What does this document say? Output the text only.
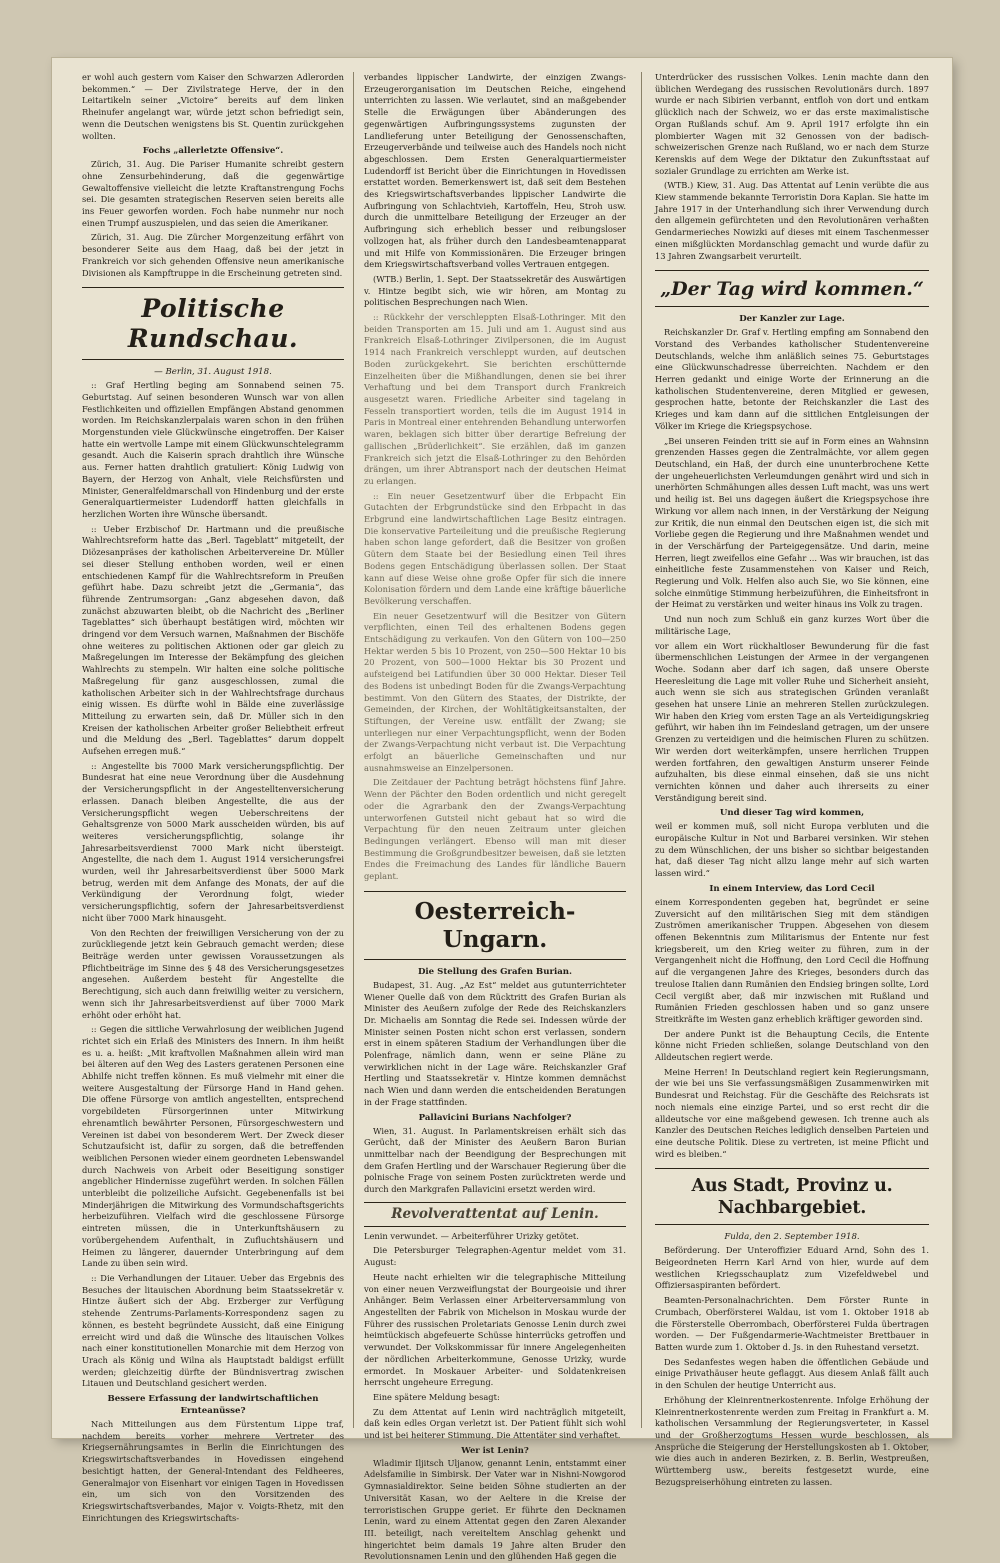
er wohl auch gestern vom Kaiser den Schwarzen Adlerorden bekommen.“ — Der Zivilstratege Herve, der in den Leitartikeln seiner „Victoire“ bereits auf dem linken Rheinufer angelangt war, würde jetzt schon befriedigt sein, wenn die Deutschen wenigstens bis St. Quentin zurückgehen wollten.

Fochs „allerletzte Offensive“.

Zürich, 31. Aug. Die Pariser Humanite schreibt gestern ohne Zensurbehinderung, daß die gegenwärtige Gewaltoffensive vielleicht die letzte Kraftanstrengung Fochs sei. Die gesamten strategischen Reserven seien bereits alle ins Feuer geworfen worden. Foch habe nunmehr nur noch einen Trumpf auszuspielen, und das seien die Amerikaner.

Zürich, 31. Aug. Die Zürcher Morgenzeitung erfährt von besonderer Seite aus dem Haag, daß bei der jetzt in Frankreich vor sich gehenden Offensive neun amerikanische Divisionen als Kampftruppe in die Erscheinung getreten sind.

Politische Rundschau.
— Berlin, 31. August 1918.

:: Graf Hertling beging am Sonnabend seinen 75. Geburtstag. Auf seinen besonderen Wunsch war von allen Festlichkeiten und offiziellen Empfängen Abstand genommen worden. Im Reichskanzlerpalais waren schon in den frühen Morgenstunden viele Glückwünsche eingetroffen. Der Kaiser hatte ein wertvolle Lampe mit einem Glückwunschtelegramm gesandt. Auch die Kaiserin sprach drahtlich ihre Wünsche aus. Ferner hatten drahtlich gratuliert: König Ludwig von Bayern, der Herzog von Anhalt, viele Reichsfürsten und Minister, Generalfeldmarschall von Hindenburg und der erste Generalquartiermeister Ludendorff hatten gleichfalls in herzlichen Worten ihre Wünsche übersandt.

:: Ueber Erzbischof Dr. Hartmann und die preußische Wahlrechtsreform hatte das „Berl. Tageblatt“ mitgeteilt, der Diözesanpräses der katholischen Arbeitervereine Dr. Müller sei dieser Stellung enthoben worden, weil er einen entschiedenen Kampf für die Wahlrechtsreform in Preußen geführt habe. Dazu schreibt jetzt die „Germania“, das führende Zentrumsorgan: „Ganz abgesehen davon, daß zunächst abzuwarten bleibt, ob die Nachricht des „Berliner Tageblattes“ sich überhaupt bestätigen wird, möchten wir dringend vor dem Versuch warnen, Maßnahmen der Bischöfe ohne weiteres zu politischen Aktionen oder gar gleich zu Maßregelungen im Interesse der Bekämpfung des gleichen Wahlrechts zu stempeln. Wir halten eine solche politische Maßregelung für ganz ausgeschlossen, zumal die katholischen Arbeiter sich in der Wahlrechtsfrage durchaus einig wissen. Es dürfte wohl in Bälde eine zuverlässige Mitteilung zu erwarten sein, daß Dr. Müller sich in den Kreisen der katholischen Arbeiter großer Beliebtheit erfreut und die Meldung des „Berl. Tageblattes“ darum doppelt Aufsehen erregen muß.“

:: Angestellte bis 7000 Mark versicherungspflichtig. Der Bundesrat hat eine neue Verordnung über die Ausdehnung der Versicherungspflicht in der Angestelltenversicherung erlassen. Danach bleiben Angestellte, die aus der Versicherungspflicht wegen Ueberschreitens der Gehaltsgrenze von 5000 Mark ausscheiden würden, bis auf weiteres versicherungspflichtig, solange ihr Jahresarbeitsverdienst 7000 Mark nicht übersteigt. Angestellte, die nach dem 1. August 1914 versicherungsfrei wurden, weil ihr Jahresarbeitsverdienst über 5000 Mark betrug, werden mit dem Anfange des Monats, der auf die Verkündigung der Verordnung folgt, wieder versicherungspflichtig, sofern der Jahresarbeitsverdienst nicht über 7000 Mark hinausgeht.

Von den Rechten der freiwilligen Versicherung von der zu zurückliegende jetzt kein Gebrauch gemacht werden; diese Beiträge werden unter gewissen Voraussetzungen als Pflichtbeiträge im Sinne des § 48 des Versicherungsgesetzes angesehen. Außerdem besteht für Angestellte die Berechtigung, sich auch dann freiwillig weiter zu versichern, wenn sich ihr Jahresarbeitsverdienst auf über 7000 Mark erhöht oder erhöht hat.

:: Gegen die sittliche Verwahrlosung der weiblichen Jugend richtet sich ein Erlaß des Ministers des Innern. In ihm heißt es u. a. heißt: „Mit kraftvollen Maßnahmen allein wird man bei älteren auf den Weg des Lasters geratenen Personen eine Abhilfe nicht treffen können. Es muß vielmehr mit einer die weitere Ausgestaltung der Fürsorge Hand in Hand gehen. Die offene Fürsorge von amtlich angestellten, entsprechend vorgebildeten Fürsorgerinnen unter Mitwirkung ehrenamtlich bewährter Personen, Fürsorgeschwestern und Vereinen ist dabei von besonderem Wert. Der Zweck dieser Schutzaufsicht ist, dafür zu sorgen, daß die betreffenden weiblichen Personen wieder einem geordneten Lebenswandel durch Nachweis von Arbeit oder Beseitigung sonstiger angeblicher Hindernisse zugeführt werden. In solchen Fällen unterbleibt die polizeiliche Aufsicht. Gegebenenfalls ist bei Minderjährigen die Mitwirkung des Vormundschaftsgerichts herbeizuführen. Vielfach wird die geschlossene Fürsorge eintreten müssen, die in Unterkunftshäusern zu vorübergehendem Aufenthalt, in Zufluchtshäusern und Heimen zu längerer, dauernder Unterbringung auf dem Lande zu üben sein wird.

:: Die Verhandlungen der Litauer. Ueber das Ergebnis des Besuches der litauischen Abordnung beim Staatssekretär v. Hintze äußert sich der Abg. Erzberger zur Verfügung stehende Zentrums-Parlaments-Korrespondenz sagen zu können, es besteht begründete Aussicht, daß eine Einigung erreicht wird und daß die Wünsche des litauischen Volkes nach einer konstitutionellen Monarchie mit dem Herzog von Urach als König und Wilna als Hauptstadt baldigst erfüllt werden; gleichzeitig dürfte der Bündnisvertrag zwischen Litauen und Deutschland gesichert werden.

Bessere Erfassung der landwirtschaftlichen Ernteanüsse?

Nach Mitteilungen aus dem Fürstentum Lippe traf, nachdem bereits vorher mehrere Vertreter des Kriegsernährungsamtes in Berlin die Einrichtungen des Kriegswirtschaftsverbandes in Hovedissen eingehend besichtigt hatten, der General-Intendant des Feldheeres, Generalmajor von Eisenhart vor einigen Tagen in Hovedissen ein, um sich von den Vorsitzenden des Kriegswirtschaftsverbandes, Major v. Voigts-Rhetz, mit den Einrichtungen des Kriegswirtschafts-

verbandes lippischer Landwirte, der einzigen Zwangs-Erzeugerorganisation im Deutschen Reiche, eingehend unterrichten zu lassen. Wie verlautet, sind an maßgebender Stelle die Erwägungen über Abänderungen des gegenwärtigen Aufbringungssystems zugunsten der Landlieferung unter Beteiligung der Genossenschaften, Erzeugerverbände und teilweise auch des Handels noch nicht abgeschlossen. Dem Ersten Generalquartiermeister Ludendorff ist Bericht über die Einrichtungen in Hovedissen erstattet worden. Bemerkenswert ist, daß seit dem Bestehen des Kriegswirtschaftsverbandes lippischer Landwirte die Aufbringung von Schlachtvieh, Kartoffeln, Heu, Stroh usw. durch die unmittelbare Beteiligung der Erzeuger an der Aufbringung sich erheblich besser und reibungsloser vollzogen hat, als früher durch den Landesbeamtenapparat und mit Hilfe von Kommissionären. Die Erzeuger bringen dem Kriegswirtschaftsverband volles Vertrauen entgegen.

(WTB.) Berlin, 1. Sept. Der Staatssekretär des Auswärtigen v. Hintze begibt sich, wie wir hören, am Montag zu politischen Besprechungen nach Wien.

:: Rückkehr der verschleppten Elsaß-Lothringer. Mit den beiden Transporten am 15. Juli und am 1. August sind aus Frankreich Elsaß-Lothringer Zivilpersonen, die im August 1914 nach Frankreich verschleppt wurden, auf deutschen Boden zurückgekehrt. Sie berichten erschütternde Einzelheiten über die Mißhandlungen, denen sie bei ihrer Verhaftung und bei dem Transport durch Frankreich ausgesetzt waren. Friedliche Arbeiter sind tagelang in Fesseln transportiert worden, teils die im August 1914 in Paris in Montreal einer entehrenden Behandlung unterworfen waren, beklagen sich bitter über derartige Befreiung der gallischen „Brüderlichkeit“. Sie erzählen, daß im ganzen Frankreich sich jetzt die Elsaß-Lothringer zu den Behörden drängen, um ihrer Abtransport nach der deutschen Heimat zu erlangen.

:: Ein neuer Gesetzentwurf über die Erbpacht Ein Gutachten der Erbgrundstücke sind den Erbpacht in das Erbgrund eine landwirtschaftlichen Lage Besitz eintragen. Die konservative Parteileitung und die preußische Regierung haben schon lange gefordert, daß die Besitzer von großen Gütern dem Staate bei der Besiedlung einen Teil ihres Bodens gegen Entschädigung überlassen sollen. Der Staat kann auf diese Weise ohne große Opfer für sich die innere Kolonisation fördern und dem Lande eine kräftige bäuerliche Bevölkerung verschaffen.

Ein neuer Gesetzentwurf will die Besitzer von Gütern verpflichten, einen Teil des erhaltenen Bodens gegen Entschädigung zu verkaufen. Von den Gütern von 100—250 Hektar werden 5 bis 10 Prozent, von 250—500 Hektar 10 bis 20 Prozent, von 500—1000 Hektar bis 30 Prozent und aufsteigend bei Latifundien über 30 000 Hektar. Dieser Teil des Bodens ist unbedingt Boden für die Zwangs-Verpachtung bestimmt. Von den Gütern des Staates, der Distrikte, der Gemeinden, der Kirchen, der Wohltätigkeitsanstalten, der Stiftungen, der Vereine usw. entfällt der Zwang; sie unterliegen nur einer Verpachtungspflicht, wenn der Boden der Zwangs-Verpachtung nicht verbaut ist. Die Verpachtung erfolgt an bäuerliche Gemeinschaften und nur ausnahmsweise an Einzelpersonen.

Die Zeitdauer der Pachtung beträgt höchstens fünf Jahre. Wenn der Pächter den Boden ordentlich und nicht geregelt oder die Agrarbank den der Zwangs-Verpachtung unterworfenen Gutsteil nicht gebaut hat so wird die Verpachtung für den neuen Zeitraum unter gleichen Bedingungen verlängert. Ebenso will man mit dieser Bestimmung die Großgrundbesitzer beweisen, daß sie letzten Endes die Freimachung des Landes für ländliche Bauern geplant.

Oesterreich-Ungarn.
Die Stellung des Grafen Burian.

Budapest, 31. Aug. „Az Est“ meldet aus gutunterrichteter Wiener Quelle daß von dem Rücktritt des Grafen Burian als Minister des Aeußern zufolge der Rede des Reichskanzlers Dr. Michaelis am Sonntag die Rede sei. Indessen würde der Minister seinen Posten nicht schon erst verlassen, sondern erst in einem späteren Stadium der Verhandlungen über die Polenfrage, nämlich dann, wenn er seine Pläne zu verwirklichen nicht in der Lage wäre. Reichskanzler Graf Hertling und Staatssekretär v. Hintze kommen demnächst nach Wien und dann werden die entscheidenden Beratungen in der Frage stattfinden.

Pallavicini Burians Nachfolger?

Wien, 31. August. In Parlamentskreisen erhält sich das Gerücht, daß der Minister des Aeußern Baron Burian unmittelbar nach der Beendigung der Besprechungen mit dem Grafen Hertling und der Warschauer Regierung über die polnische Frage von seinem Posten zurücktreten werde und durch den Markgrafen Pallavicini ersetzt werden wird.

Revolverattentat auf Lenin.

Lenin verwundet. — Arbeiterführer Urizky getötet.

Die Petersburger Telegraphen-Agentur meldet vom 31. August:

Heute nacht erhielten wir die telegraphische Mitteilung von einer neuen Verzweiflungstat der Bourgeoisie und ihrer Anhänger. Beim Verlassen einer Arbeiterversammlung von Angestellten der Fabrik von Michelson in Moskau wurde der Führer des russischen Proletariats Genosse Lenin durch zwei heimtückisch abgefeuerte Schüsse hinterrücks getroffen und verwundet. Der Volkskommissar für innere Angelegenheiten der nördlichen Arbeiterkommune, Genosse Urizky, wurde ermordet. In Moskauer Arbeiter- und Soldatenkreisen herrscht ungeheure Erregung.

Eine spätere Meldung besagt:

Zu dem Attentat auf Lenin wird nachträglich mitgeteilt, daß kein edles Organ verletzt ist. Der Patient fühlt sich wohl und ist bei heiterer Stimmung. Die Attentäter sind verhaftet.

Wer ist Lenin?

Wladimir Iljitsch Uljanow, genannt Lenin, entstammt einer Adelsfamilie in Simbirsk. Der Vater war in Nishni-Nowgorod Gymnasialdirektor. Seine beiden Söhne studierten an der Universität Kasan, wo der Aeltere in die Kreise der terroristischen Gruppe geriet. Er führte den Decknamen Lenin, ward zu einem Attentat gegen den Zaren Alexander III. beteiligt, nach vereiteltem Anschlag gehenkt und hingerichtet beim damals 19 Jahre alten Bruder den Revolutionsnamen Lenin und den glühenden Haß gegen die

Unterdrücker des russischen Volkes. Lenin machte dann den üblichen Werdegang des russischen Revolutionärs durch. 1897 wurde er nach Sibirien verbannt, entfloh von dort und entkam glücklich nach der Schweiz, wo er das erste maximalistische Organ Rußlands schuf. Am 9. April 1917 erfolgte ihn ein plombierter Wagen mit 32 Genossen von der badisch-schweizerischen Grenze nach Rußland, wo er nach dem Sturze Kerenskis auf dem Wege der Diktatur den Zukunftsstaat auf sozialer Grundlage zu errichten am Werke ist.

(WTB.) Kiew, 31. Aug. Das Attentat auf Lenin verübte die aus Kiew stammende bekannte Terroristin Dora Kaplan. Sie hatte im Jahre 1917 in der Unterhandlung sich ihrer Verwendung durch den allgemein gefürchteten und den Revolutionären verhaßten Gendarmerieches Nowizki auf dieses mit einem Taschenmesser einen mißglückten Mordanschlag gemacht und wurde dafür zu 13 Jahren Zwangsarbeit verurteilt.

„Der Tag wird kommen.“
Der Kanzler zur Lage.

Reichskanzler Dr. Graf v. Hertling empfing am Sonnabend den Vorstand des Verbandes katholischer Studentenvereine Deutschlands, welche ihm anläßlich seines 75. Geburtstages eine Glückwunschadresse überreichten. Nachdem er den Herren gedankt und einige Worte der Erinnerung an die katholischen Studentenvereine, deren Mitglied er gewesen, gesprochen hatte, betonte der Reichskanzler die Last des Krieges und kam dann auf die sittlichen Entgleisungen der Völker im Kriege die Kriegspsychose.

„Bei unseren Feinden tritt sie auf in Form eines an Wahnsinn grenzenden Hasses gegen die Zentralmächte, vor allem gegen Deutschland, ein Haß, der durch eine ununterbrochene Kette der ungeheuerlichsten Verleumdungen genährt wird und sich in unerhörten Schmähungen alles dessen Luft macht, was uns wert und heilig ist. Bei uns dagegen äußert die Kriegspsychose ihre Wirkung vor allem nach innen, in der Verstärkung der Neigung zur Kritik, die nun einmal den Deutschen eigen ist, die sich mit Vorliebe gegen die Regierung und ihre Maßnahmen wendet und in der Verschärfung der Parteigegensätze. Und darin, meine Herren, liegt zweifellos eine Gefahr ... Was wir brauchen, ist das einheitliche feste Zusammenstehen von Kaiser und Reich, Regierung und Volk. Helfen also auch Sie, wo Sie können, eine solche einmütige Stimmung herbeizuführen, die Einheitsfront in der Heimat zu verstärken und weiter hinaus ins Volk zu tragen.

Und nun noch zum Schluß ein ganz kurzes Wort über die militärische Lage,

vor allem ein Wort rückhaltloser Bewunderung für die fast übermenschlichen Leistungen der Armee in der vergangenen Woche. Sodann aber darf ich sagen, daß unsere Oberste Heeresleitung die Lage mit voller Ruhe und Sicherheit ansieht, auch wenn sie sich aus strategischen Gründen veranlaßt gesehen hat unsere Linie an mehreren Stellen zurückzulegen. Wir haben den Krieg vom ersten Tage an als Verteidigungskrieg geführt, wir haben ihn im Feindesland getragen, um der unsere Grenzen zu verteidigen und die heimischen Fluren zu schützen. Wir werden dort weiterkämpfen, unsere herrlichen Truppen werden fortfahren, den gewaltigen Ansturm unserer Feinde aufzuhalten, bis diese einmal einsehen, daß sie uns nicht vernichten können und daher auch ihrerseits zu einer Verständigung bereit sind.

Und dieser Tag wird kommen,

weil er kommen muß, soll nicht Europa verbluten und die europäische Kultur in Not und Barbarei versinken. Wir stehen zu dem Wünschlichen, der uns bisher so sichtbar beigestanden hat, daß dieser Tag nicht allzu lange mehr auf sich warten lassen wird.“

In einem Interview, das Lord Cecil

einem Korrespondenten gegeben hat, begründet er seine Zuversicht auf den militärischen Sieg mit dem ständigen Zuströmen amerikanischer Truppen. Abgesehen von diesem offenen Bekenntnis zum Militarismus der Entente nur fest kriegsbereit, um den Krieg weiter zu führen, zum in der Vergangenheit nicht die Hoffnung, den Lord Cecil die Hoffnung auf die vergangenen Jahre des Krieges, besonders durch das treulose Italien dann Rumänien den Endsieg bringen sollte, Lord Cecil vergißt aber, daß mir inzwischen mit Rußland und Rumänien Frieden geschlossen haben und so ganz unsere Streitkräfte im Westen ganz erheblich kräftiger geworden sind.

Der andere Punkt ist die Behauptung Cecils, die Entente könne nicht Frieden schließen, solange Deutschland von den Alldeutschen regiert werde.

Meine Herren! In Deutschland regiert kein Regierungsmann, der wie bei uns Sie verfassungsmäßigen Zusammenwirken mit Bundesrat und Reichstag. Für die Geschäfte des Reichsrats ist noch niemals eine einzige Partei, und so erst recht dir die alldeutsche vor eine maßgebend gewesen. Ich trenne auch als Kanzler des Deutschen Reiches lediglich denselben Parteien und eine deutsche Politik. Diese zu vertreten, ist meine Pflicht und wird es bleiben.“

Aus Stadt, Provinz u. Nachbargebiet.
Fulda, den 2. September 1918.

Beförderung. Der Unteroffizier Eduard Arnd, Sohn des 1. Beigeordneten Herrn Karl Arnd von hier, wurde auf dem westlichen Kriegsschauplatz zum Vizefeldwebel und Offiziersaspiranten befördert.

Beamten-Personalnachrichten. Dem Förster Runte in Crumbach, Oberförsterei Waldau, ist vom 1. Oktober 1918 ab die Försterstelle Oberrombach, Oberförsterei Fulda übertragen worden. — Der Fußgendarmerie-Wachtmeister Brettbauer in Batten wurde zum 1. Oktober d. Js. in den Ruhestand versetzt.

Des Sedanfestes wegen haben die öffentlichen Gebäude und einige Privathäuser heute geflaggt. Aus diesem Anlaß fällt auch in den Schulen der heutige Unterricht aus.

Erhöhung der Kleinrentnerkostenrente. Infolge Erhöhung der Kleinrentnerkostenrente werden zum Freitag in Frankfurt a. M. katholischen Versammlung der Regierungsverteter, in Kassel und der Großherzogtums Hessen wurde beschlossen, als Ansprüche die Steigerung der Herstellungskosten ab 1. Oktober, wie dies auch in anderen Bezirken, z. B. Berlin, Westpreußen, Württemberg usw., bereits festgesetzt wurde, eine Bezugspreiserhöhung eintreten zu lassen.
